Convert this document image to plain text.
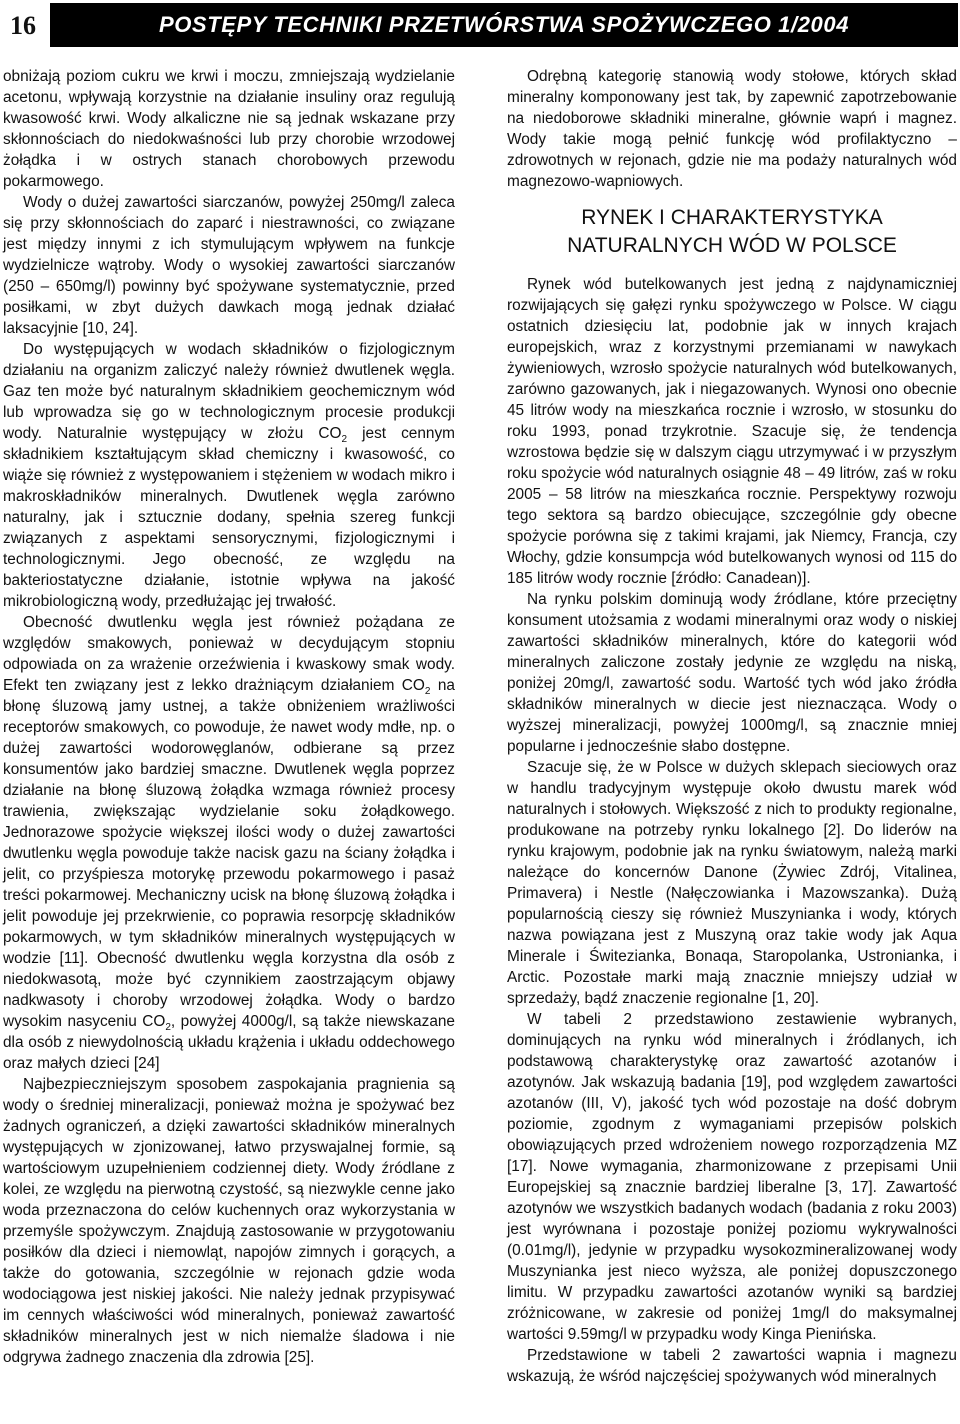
16	POSTĘPY TECHNIKI PRZETWÓRSTWA SPOŻYWCZEGO 1/2004

obniżają poziom cukru we krwi i moczu, zmniejszają wydzielanie acetonu, wpływają korzystnie na działanie insuliny oraz regulują kwasowość krwi. Wody alkaliczne nie są jednak wskazane przy skłonnościach do niedokwaśności lub przy chorobie wrzodowej żołądka i w ostrych stanach chorobowych przewodu pokarmowego.

Wody o dużej zawartości siarczanów, powyżej 250mg/l zaleca się przy skłonnościach do zaparć i niestrawności, co związane jest między innymi z ich stymulującym wpływem na funkcje wydzielnicze wątroby. Wody o wysokiej zawartości siarczanów (250 – 650mg/l) powinny być spożywane systematycznie, przed posiłkami, w zbyt dużych dawkach mogą jednak działać laksacyjnie [10, 24].

Do występujących w wodach składników o fizjologicznym działaniu na organizm zaliczyć należy również dwutlenek węgla. Gaz ten może być naturalnym składnikiem geochemicznym wód lub wprowadza się go w technologicznym procesie produkcji wody. Naturalnie występujący w złożu $CO_2$ jest cennym składnikiem kształtującym skład chemiczny i kwasowość, co wiąże się również z występowaniem i stężeniem w wodach mikro i makroskładników mineralnych. Dwutlenek węgla zarówno naturalny, jak i sztucznie dodany, spełnia szereg funkcji związanych z aspektami sensorycznymi, fizjologicznymi i technologicznymi. Jego obecność, ze względu na bakteriostatyczne działanie, istotnie wpływa na jakość mikrobiologiczną wody, przedłużając jej trwałość.

Obecność dwutlenku węgla jest również pożądana ze względów smakowych, ponieważ w decydującym stopniu odpowiada on za wrażenie orzeźwienia i kwaskowy smak wody. Efekt ten związany jest z lekko drażniącym działaniem $CO_2$ na błonę śluzową jamy ustnej, a także obniżeniem wrażliwości receptorów smakowych, co powoduje, że nawet wody mdłe, np. o dużej zawartości wodorowęglanów, odbierane są przez konsumentów jako bardziej smaczne. Dwutlenek węgla poprzez działanie na błonę śluzową żołądka wzmaga również procesy trawienia, zwiększając wydzielanie soku żołądkowego. Jednorazowe spożycie większej ilości wody o dużej zawartości dwutlenku węgla powoduje także nacisk gazu na ściany żołądka i jelit, co przyśpiesza motorykę przewodu pokarmowego i pasaż treści pokarmowej. Mechaniczny ucisk na błonę śluzową żołądka i jelit powoduje jej przekrwienie, co poprawia resorpcję składników pokarmowych, w tym składników mineralnych występujących w wodzie [11]. Obecność dwutlenku węgla korzystna dla osób z niedokwasotą, może być czynnikiem zaostrzającym objawy nadkwasoty i choroby wrzodowej żołądka. Wody o bardzo wysokim nasyceniu $CO_2$, powyżej 4000g/l, są także niewskazane dla osób z niewydolnością układu krążenia i układu oddechowego oraz małych dzieci [24]

Najbezpieczniejszym sposobem zaspokajania pragnienia są wody o średniej mineralizacji, ponieważ można je spożywać bez żadnych ograniczeń, a dzięki zawartości składników mineralnych występujących w zjonizowanej, łatwo przyswajalnej formie, są wartościowym uzupełnieniem codziennej diety. Wody źródlane z kolei, ze względu na pierwotną czystość, są niezwykle cenne jako woda przeznaczona do celów kuchennych oraz wykorzystania w przemyśle spożywczym. Znajdują zastosowanie w przygotowaniu posiłków dla dzieci i niemowląt, napojów zimnych i gorących, a także do gotowania, szczególnie w rejonach gdzie woda wodociągowa jest niskiej jakości. Nie należy jednak przypisywać im cennych właściwości wód mineralnych, ponieważ zawartość składników mineralnych jest w nich niemalże śladowa i nie odgrywa żadnego znaczenia dla zdrowia [25].

Odrębną kategorię stanowią wody stołowe, których skład mineralny komponowany jest tak, by zapewnić zapotrzebowanie na niedoborowe składniki mineralne, głównie wapń i magnez. Wody takie mogą pełnić funkcję wód profilaktyczno – zdrowotnych w rejonach, gdzie nie ma podaży naturalnych wód magnezowo-wapniowych.

RYNEK I CHARAKTERYSTYKA
NATURALNYCH WÓD W POLSCE

Rynek wód butelkowanych jest jedną z najdynamiczniej rozwijających się gałęzi rynku spożywczego w Polsce. W ciągu ostatnich dziesięciu lat, podobnie jak w innych krajach europejskich, wraz z korzystnymi przemianami w nawykach żywieniowych, wzrosło spożycie naturalnych wód butelkowanych, zarówno gazowanych, jak i niegazowanych. Wynosi ono obecnie 45 litrów wody na mieszkańca rocznie i wzrosło, w stosunku do roku 1993, ponad trzykrotnie. Szacuje się, że tendencja wzrostowa będzie się w dalszym ciągu utrzymywać i w przyszłym roku spożycie wód naturalnych osiągnie 48 – 49 litrów, zaś w roku 2005 – 58 litrów na mieszkańca rocznie. Perspektywy rozwoju tego sektora są bardzo obiecujące, szczególnie gdy obecne spożycie porówna się z takimi krajami, jak Niemcy, Francja, czy Włochy, gdzie konsumpcja wód butelkowanych wynosi od 115 do 185 litrów wody rocznie [źródło: Canadean)].

Na rynku polskim dominują wody źródlane, które przeciętny konsument utożsamia z wodami mineralnymi oraz wody o niskiej zawartości składników mineralnych, które do kategorii wód mineralnych zaliczone zostały jedynie ze względu na niską, poniżej 20mg/l, zawartość sodu. Wartość tych wód jako źródła składników mineralnych w diecie jest nieznacząca. Wody o wyższej mineralizacji, powyżej 1000mg/l, są znacznie mniej popularne i jednocześnie słabo dostępne.

Szacuje się, że w Polsce w dużych sklepach sieciowych oraz w handlu tradycyjnym występuje około dwustu marek wód naturalnych i stołowych. Większość z nich to produkty regionalne, produkowane na potrzeby rynku lokalnego [2]. Do liderów na rynku krajowym, podobnie jak na rynku światowym, należą marki należące do koncernów Danone (Żywiec Zdrój, Vitalinea, Primavera) i Nestle (Nałęczowianka i Mazowszanka). Dużą popularnością cieszy się również Muszynianka i wody, których nazwa powiązana jest z Muszyną oraz takie wody jak Aqua Minerale i Świtezianka, Bonaqa, Staropolanka, Ustronianka, i Arctic. Pozostałe marki mają znacznie mniejszy udział w sprzedaży, bądź znaczenie regionalne [1, 20].

W tabeli 2 przedstawiono zestawienie wybranych, dominujących na rynku wód mineralnych i źródlanych, ich podstawową charakterystykę oraz zawartość azotanów i azotynów. Jak wskazują badania [19], pod względem zawartości azotanów (III, V), jakość tych wód pozostaje na dość dobrym poziomie, zgodnym z wymaganiami przepisów polskich obowiązujących przed wdrożeniem nowego rozporządzenia MZ [17]. Nowe wymagania, zharmonizowane z przepisami Unii Europejskiej są znacznie bardziej liberalne [3, 17]. Zawartość azotynów we wszystkich badanych wodach (badania z roku 2003) jest wyrównana i pozostaje poniżej poziomu wykrywalności (0.01mg/l), jedynie w przypadku wysokozmineralizowanej wody Muszynianka jest nieco wyższa, ale poniżej dopuszczonego limitu. W przypadku zawartości azotanów wyniki są bardziej zróżnicowane, w zakresie od poniżej 1mg/l do maksymalnej wartości 9.59mg/l w przypadku wody Kinga Pienińska.

Przedstawione w tabeli 2 zawartości wapnia i magnezu wskazują, że wśród najczęściej spożywanych wód mineralnych
